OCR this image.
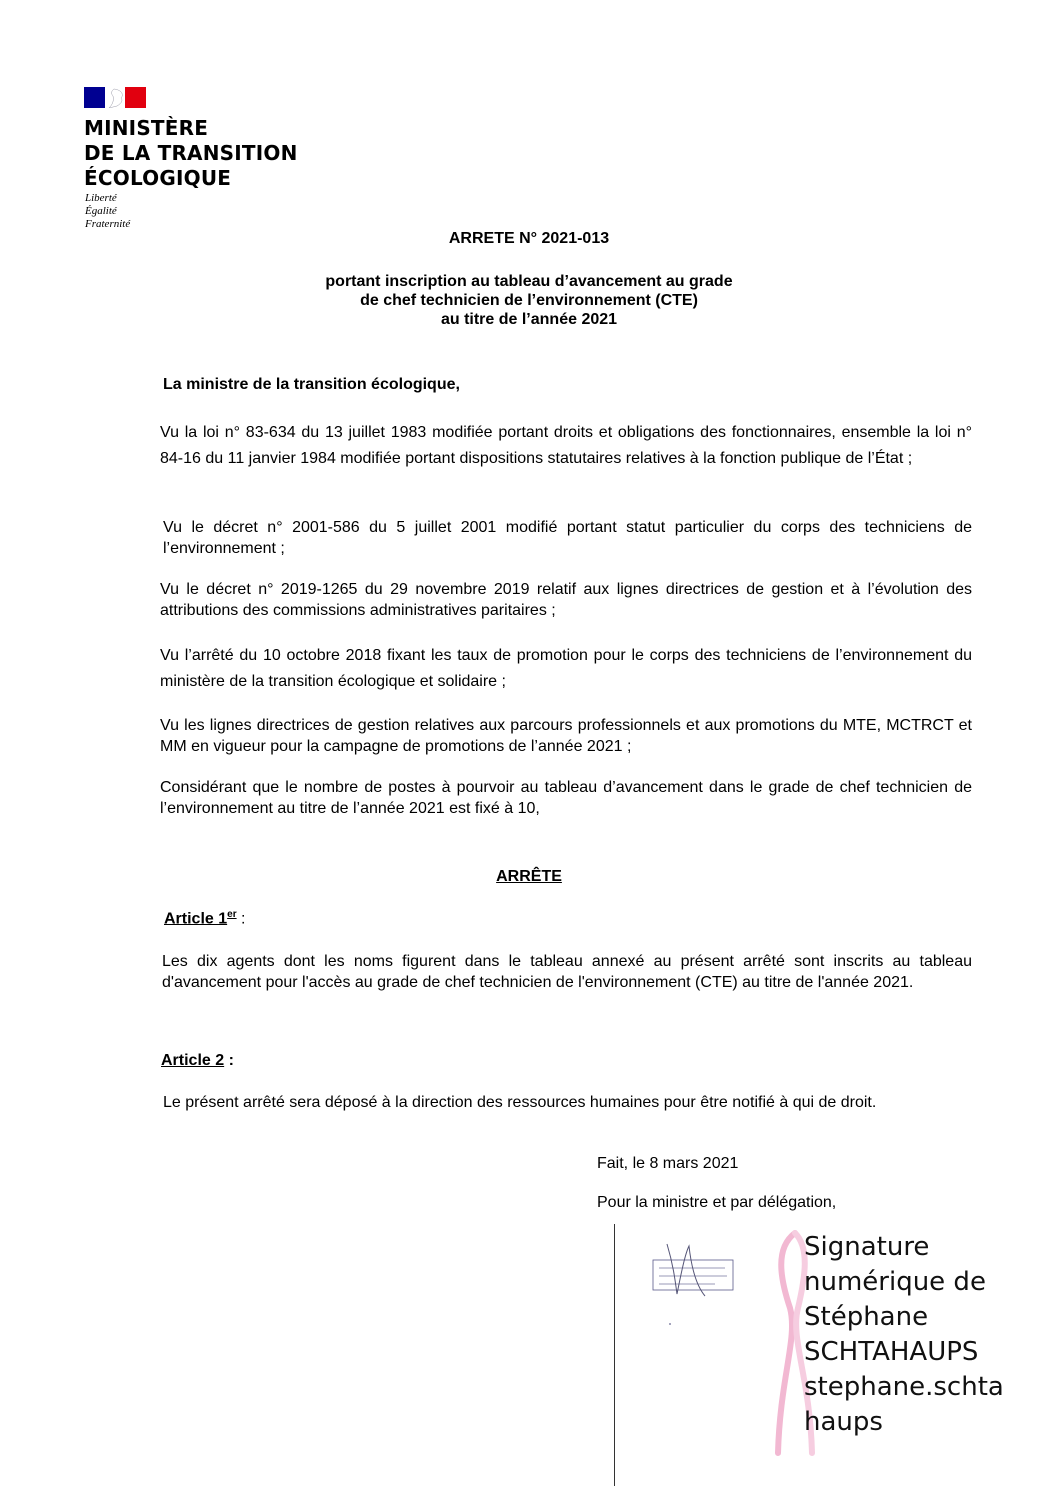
MINISTÈRE
DE LA TRANSITION
ÉCOLOGIQUE
Liberté
Égalité
Fraternité
ARRETE N° 2021-013
portant inscription au tableau d’avancement au grade
de chef technicien de l’environnement (CTE)
au titre de l’année 2021
La ministre de la transition écologique,
Vu la loi n° 83-634 du 13 juillet 1983 modifiée portant droits et obligations des fonctionnaires, ensemble la loi n° 84-16 du 11 janvier 1984 modifiée portant dispositions statutaires relatives à la fonction publique de l’État ;
Vu le décret n° 2001-586 du 5 juillet 2001 modifié portant statut particulier du corps des techniciens de l’environnement ;
Vu le décret n° 2019-1265 du 29 novembre 2019 relatif aux lignes directrices de gestion et à l’évolution des attributions des commissions administratives paritaires ;
Vu l’arrêté du 10 octobre 2018 fixant les taux de promotion pour le corps des techniciens de l’environnement du ministère de la transition écologique et solidaire ;
Vu les lignes directrices de gestion relatives aux parcours professionnels et aux promotions du MTE, MCTRCT et MM en vigueur pour la campagne de promotions de l’année 2021 ;
Considérant que le nombre de postes à pourvoir au tableau d’avancement dans le grade de chef technicien de l’environnement au titre de l’année 2021 est fixé à 10,
ARRÊTE
Article 1er :
Les dix agents dont les noms figurent dans le tableau annexé au présent arrêté sont inscrits au tableau d'avancement pour l'accès au grade de chef technicien de l'environnement (CTE) au titre de l'année 2021.
Article 2 :
Le présent arrêté sera déposé à la direction des ressources humaines pour être notifié à qui de droit.
Fait, le 8 mars 2021
Pour la ministre et par délégation,
Signature
numérique de
Stéphane
SCHTAHAUPS
stephane.schta
haups
